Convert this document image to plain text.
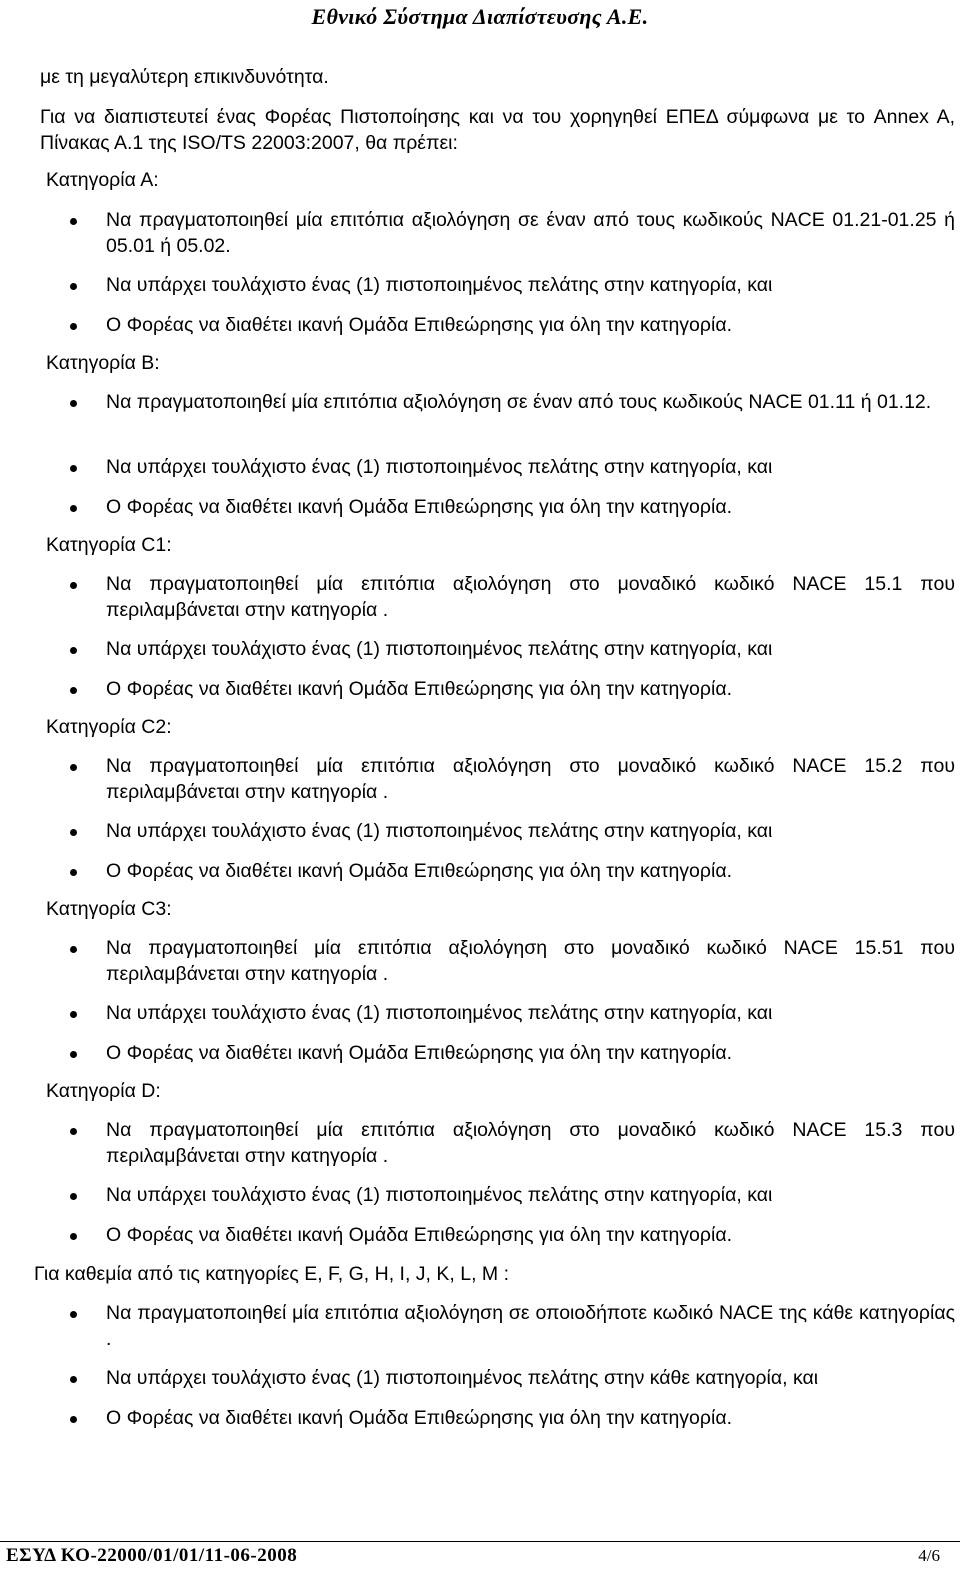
Εθνικό Σύστημα Διαπίστευσης Α.Ε.
με τη μεγαλύτερη επικινδυνότητα.
Για να διαπιστευτεί ένας Φορέας Πιστοποίησης και να του χορηγηθεί ΕΠΕΔ σύμφωνα με το Annex A, Πίνακας Α.1 της ISO/TS 22003:2007, θα πρέπει:
Κατηγορία Α:
Να πραγματοποιηθεί μία επιτόπια αξιολόγηση σε έναν από τους κωδικούς NACE 01.21-01.25 ή 05.01 ή 05.02.
Να υπάρχει τουλάχιστο ένας (1) πιστοποιημένος πελάτης στην κατηγορία, και
Ο Φορέας να διαθέτει ικανή Ομάδα Επιθεώρησης για όλη την κατηγορία.
Κατηγορία Β:
Να πραγματοποιηθεί μία επιτόπια αξιολόγηση σε έναν από τους κωδικούς NACE 01.11 ή 01.12.
Να υπάρχει τουλάχιστο ένας (1) πιστοποιημένος πελάτης στην κατηγορία, και
Ο Φορέας να διαθέτει ικανή Ομάδα Επιθεώρησης για όλη την κατηγορία.
Κατηγορία C1:
Να πραγματοποιηθεί μία επιτόπια αξιολόγηση στο μοναδικό κωδικό NACE 15.1 που περιλαμβάνεται στην κατηγορία .
Να υπάρχει τουλάχιστο ένας (1) πιστοποιημένος πελάτης στην κατηγορία, και
Ο Φορέας να διαθέτει ικανή Ομάδα Επιθεώρησης για όλη την κατηγορία.
Κατηγορία C2:
Να πραγματοποιηθεί μία επιτόπια αξιολόγηση στο μοναδικό κωδικό NACE 15.2 που περιλαμβάνεται στην κατηγορία .
Να υπάρχει τουλάχιστο ένας (1) πιστοποιημένος πελάτης στην κατηγορία, και
Ο Φορέας να διαθέτει ικανή Ομάδα Επιθεώρησης για όλη την κατηγορία.
Κατηγορία C3:
Να πραγματοποιηθεί μία επιτόπια αξιολόγηση στο μοναδικό κωδικό NACE 15.51 που περιλαμβάνεται στην κατηγορία .
Να υπάρχει τουλάχιστο ένας (1) πιστοποιημένος πελάτης στην κατηγορία, και
Ο Φορέας να διαθέτει ικανή Ομάδα Επιθεώρησης για όλη την κατηγορία.
Κατηγορία D:
Να πραγματοποιηθεί μία επιτόπια αξιολόγηση στο μοναδικό κωδικό NACE 15.3 που περιλαμβάνεται στην κατηγορία .
Να υπάρχει τουλάχιστο ένας (1) πιστοποιημένος πελάτης στην κατηγορία, και
Ο Φορέας να διαθέτει ικανή Ομάδα Επιθεώρησης για όλη την κατηγορία.
Για καθεμία από τις κατηγορίες E, F, G, H, I, J, K, L, M :
Να πραγματοποιηθεί μία επιτόπια αξιολόγηση σε οποιοδήποτε κωδικό NACE της κάθε κατηγορίας .
Να υπάρχει τουλάχιστο ένας (1) πιστοποιημένος πελάτης στην κάθε κατηγορία, και
Ο Φορέας να διαθέτει ικανή Ομάδα Επιθεώρησης για όλη την κατηγορία.
ΕΣΥΔ ΚΟ-22000/01/01/11-06-2008	4/6
